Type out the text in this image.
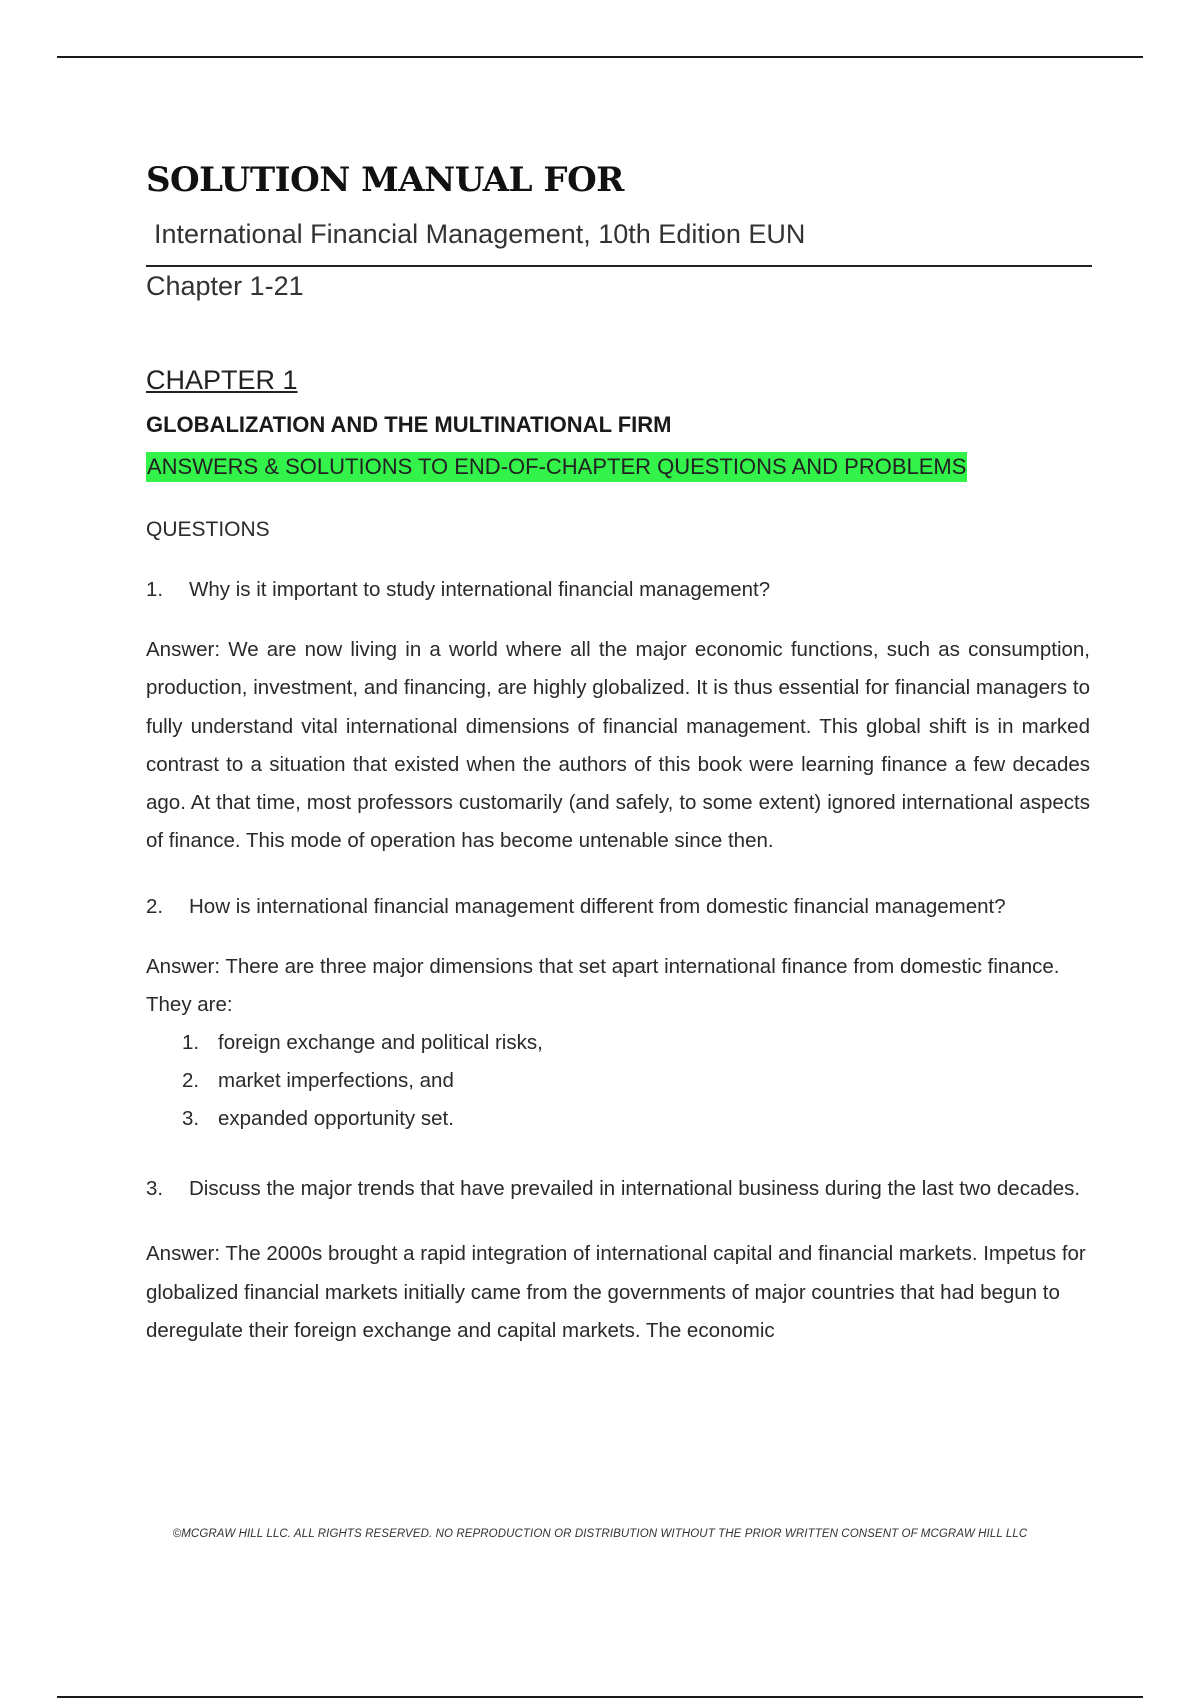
SOLUTION MANUAL FOR
International Financial Management, 10th Edition EUN
Chapter 1-21
CHAPTER 1
GLOBALIZATION AND THE MULTINATIONAL FIRM
ANSWERS & SOLUTIONS TO END-OF-CHAPTER QUESTIONS AND PROBLEMS
QUESTIONS
1. Why is it important to study international financial management?
Answer: We are now living in a world where all the major economic functions, such as consumption, production, investment, and financing, are highly globalized. It is thus essential for financial managers to fully understand vital international dimensions of financial management. This global shift is in marked contrast to a situation that existed when the authors of this book were learning finance a few decades ago. At that time, most professors customarily (and safely, to some extent) ignored international aspects of finance. This mode of operation has become untenable since then.
2. How is international financial management different from domestic financial management?
Answer: There are three major dimensions that set apart international finance from domestic finance. They are:
1. foreign exchange and political risks,
2. market imperfections, and
3. expanded opportunity set.
3. Discuss the major trends that have prevailed in international business during the last two decades.
Answer: The 2000s brought a rapid integration of international capital and financial markets. Impetus for globalized financial markets initially came from the governments of major countries that had begun to deregulate their foreign exchange and capital markets. The economic
©MCGRAW HILL LLC. ALL RIGHTS RESERVED. NO REPRODUCTION OR DISTRIBUTION WITHOUT THE PRIOR WRITTEN CONSENT OF MCGRAW HILL LLC
